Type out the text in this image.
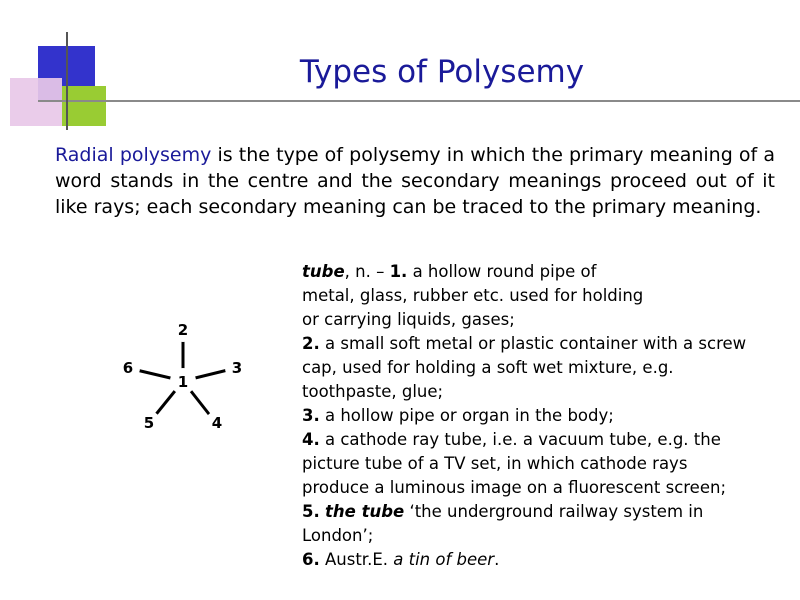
Types of Polysemy
Radial polysemy is the type of polysemy in which the primary meaning of a word stands in the centre and the secondary meanings proceed out of it like rays; each secondary meaning can be traced to the primary meaning.
1
2
3
4
5
6
tube, n. – 1. a hollow round pipe of
metal, glass, rubber etc. used for holding
or carrying liquids, gases;
2. a small soft metal or plastic container with a screw
cap, used for holding a soft wet mixture, e.g.
toothpaste, glue;
3. a hollow pipe or organ in the body;
4. a cathode ray tube, i.e. a vacuum tube, e.g. the
picture tube of a TV set, in which cathode rays
produce a luminous image on a fluorescent screen;
5. the tube ‘the underground railway system in
London’;
6. Austr.E. a tin of beer.
